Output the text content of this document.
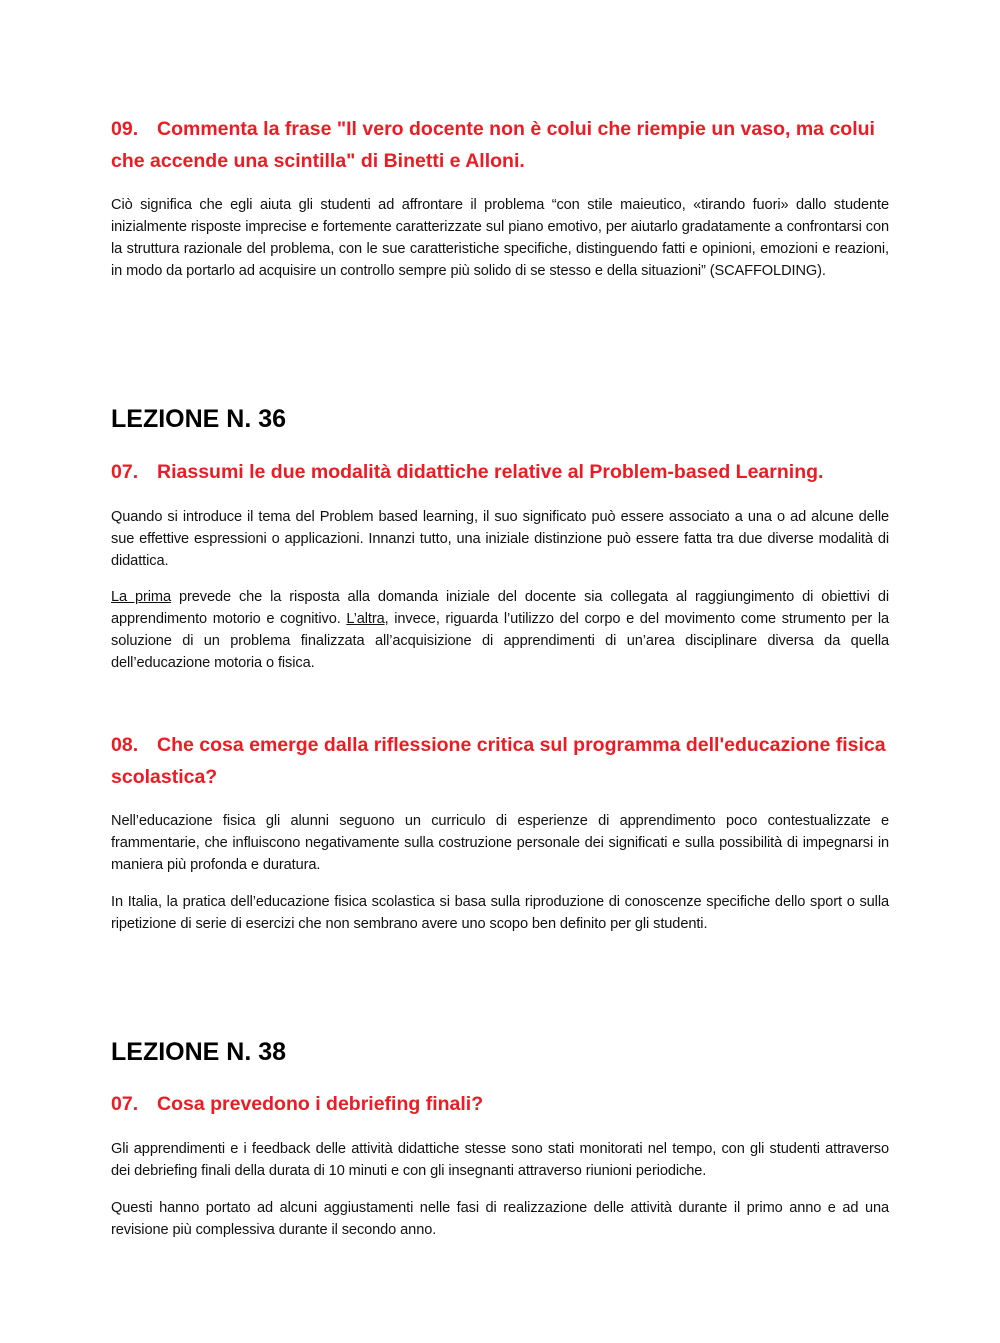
09. Commenta la frase "Il vero docente non è colui che riempie un vaso, ma colui che accende una scintilla" di Binetti e Alloni.

Ciò significa che egli aiuta gli studenti ad affrontare il problema “con stile maieutico, «tirando fuori» dallo studente inizialmente risposte imprecise e fortemente caratterizzate sul piano emotivo, per aiutarlo gradatamente a confrontarsi con la struttura razionale del problema, con le sue caratteristiche specifiche, distinguendo fatti e opinioni, emozioni e reazioni, in modo da portarlo ad acquisire un controllo sempre più solido di se stesso e della situazioni” (SCAFFOLDING).

LEZIONE N. 36

07. Riassumi le due modalità didattiche relative al Problem-based Learning.

Quando si introduce il tema del Problem based learning, il suo significato può essere associato a una o ad alcune delle sue effettive espressioni o applicazioni. Innanzi tutto, una iniziale distinzione può essere fatta tra due diverse modalità di didattica.

La prima prevede che la risposta alla domanda iniziale del docente sia collegata al raggiungimento di obiettivi di apprendimento motorio e cognitivo. L’altra, invece, riguarda l’utilizzo del corpo e del movimento come strumento per la soluzione di un problema finalizzata all’acquisizione di apprendimenti di un’area disciplinare diversa da quella dell’educazione motoria o fisica.

08. Che cosa emerge dalla riflessione critica sul programma dell'educazione fisica scolastica?

Nell’educazione fisica gli alunni seguono un curriculo di esperienze di apprendimento poco contestualizzate e frammentarie, che influiscono negativamente sulla costruzione personale dei significati e sulla possibilità di impegnarsi in maniera più profonda e duratura.

In Italia, la pratica dell’educazione fisica scolastica si basa sulla riproduzione di conoscenze specifiche dello sport o sulla ripetizione di serie di esercizi che non sembrano avere uno scopo ben definito per gli studenti.

LEZIONE N. 38

07. Cosa prevedono i debriefing finali?

Gli apprendimenti e i feedback delle attività didattiche stesse sono stati monitorati nel tempo, con gli studenti attraverso dei debriefing finali della durata di 10 minuti e con gli insegnanti attraverso riunioni periodiche.

Questi hanno portato ad alcuni aggiustamenti nelle fasi di realizzazione delle attività durante il primo anno e ad una revisione più complessiva durante il secondo anno.
